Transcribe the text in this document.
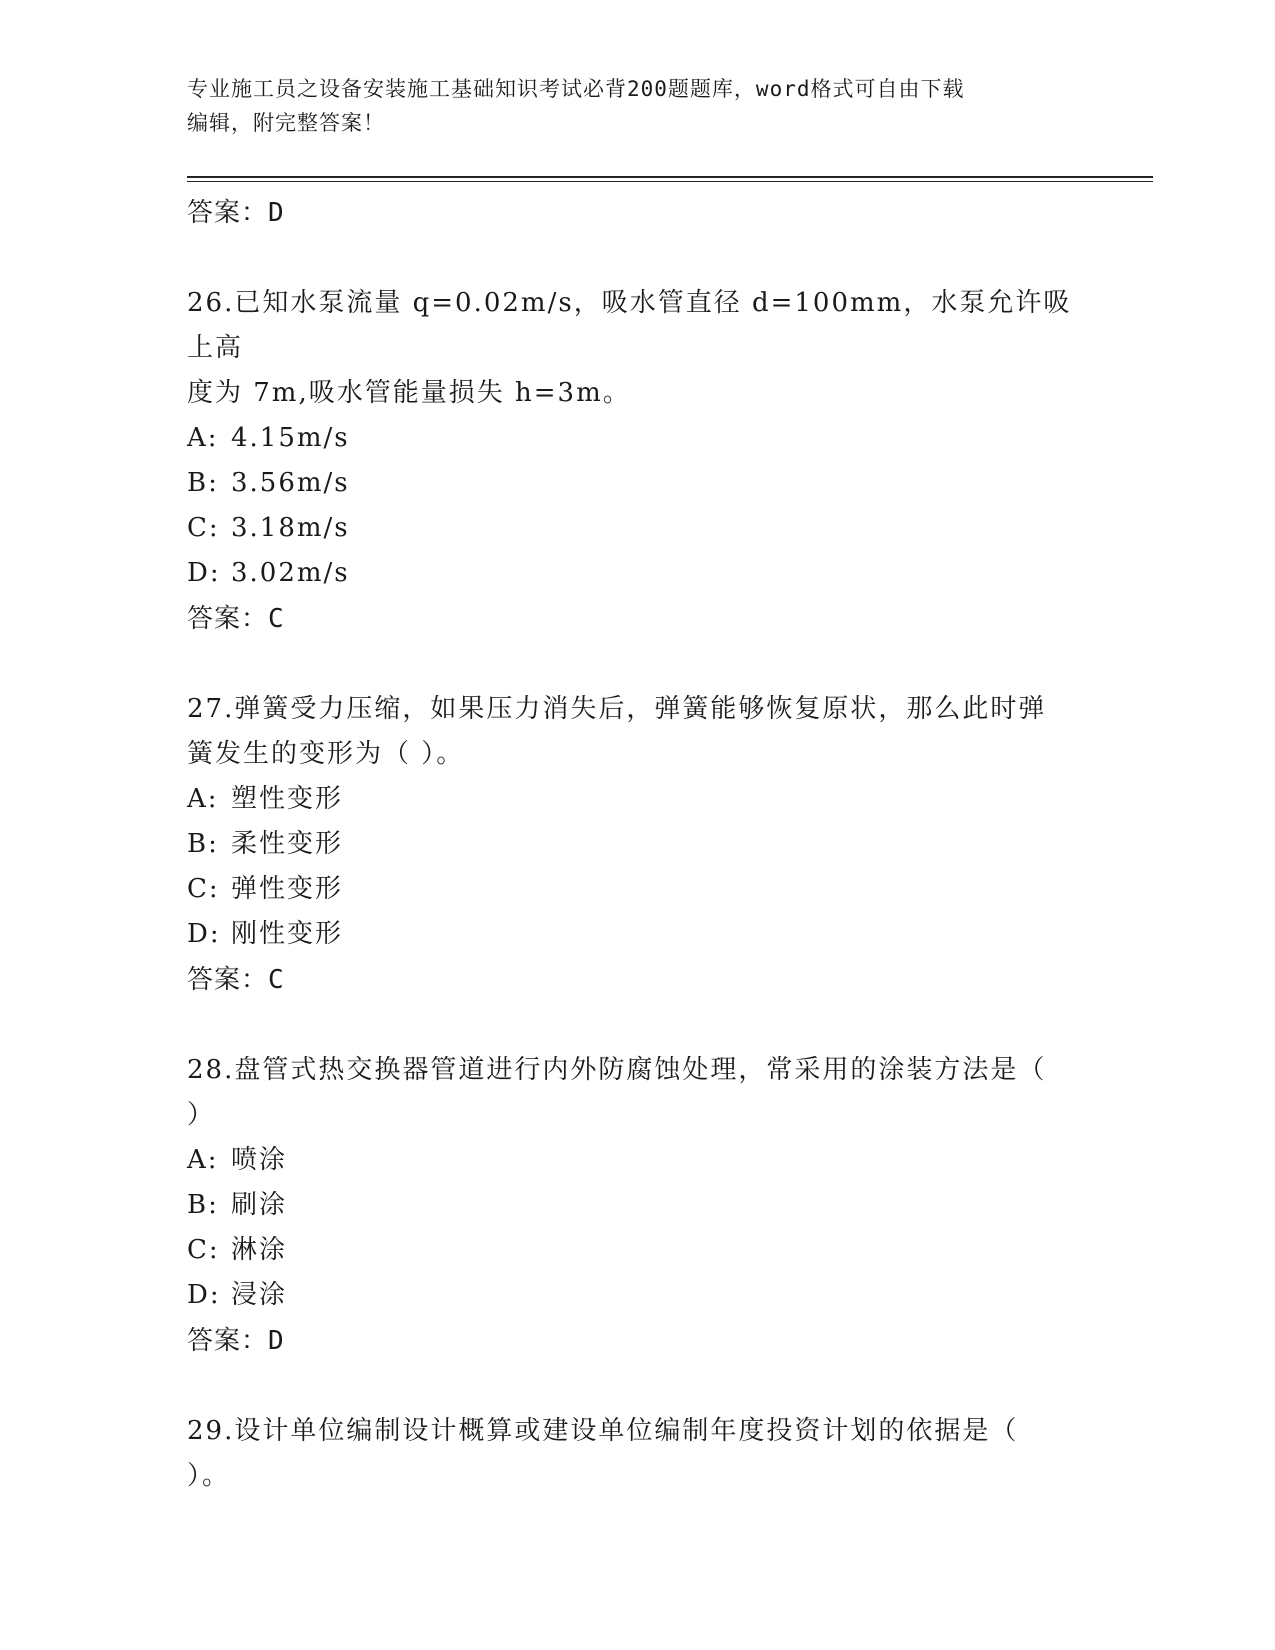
专业施工员之设备安装施工基础知识考试必背200题题库，word格式可自由下载
编辑，附完整答案！
答案：D
26.已知水泵流量 q=0.02m/s，吸水管直径 d=100mm，水泵允许吸上高
度为 7m,吸水管能量损失 h=3m。
A: 4.15m/s
B: 3.56m/s
C: 3.18m/s
D: 3.02m/s
答案：C
27.弹簧受力压缩，如果压力消失后，弹簧能够恢复原状，那么此时弹
簧发生的变形为（ ）。
A: 塑性变形
B: 柔性变形
C: 弹性变形
D: 刚性变形
答案：C
28.盘管式热交换器管道进行内外防腐蚀处理，常采用的涂装方法是（
）
A: 喷涂
B: 刷涂
C: 淋涂
D: 浸涂
答案：D
29.设计单位编制设计概算或建设单位编制年度投资计划的依据是（
）。
